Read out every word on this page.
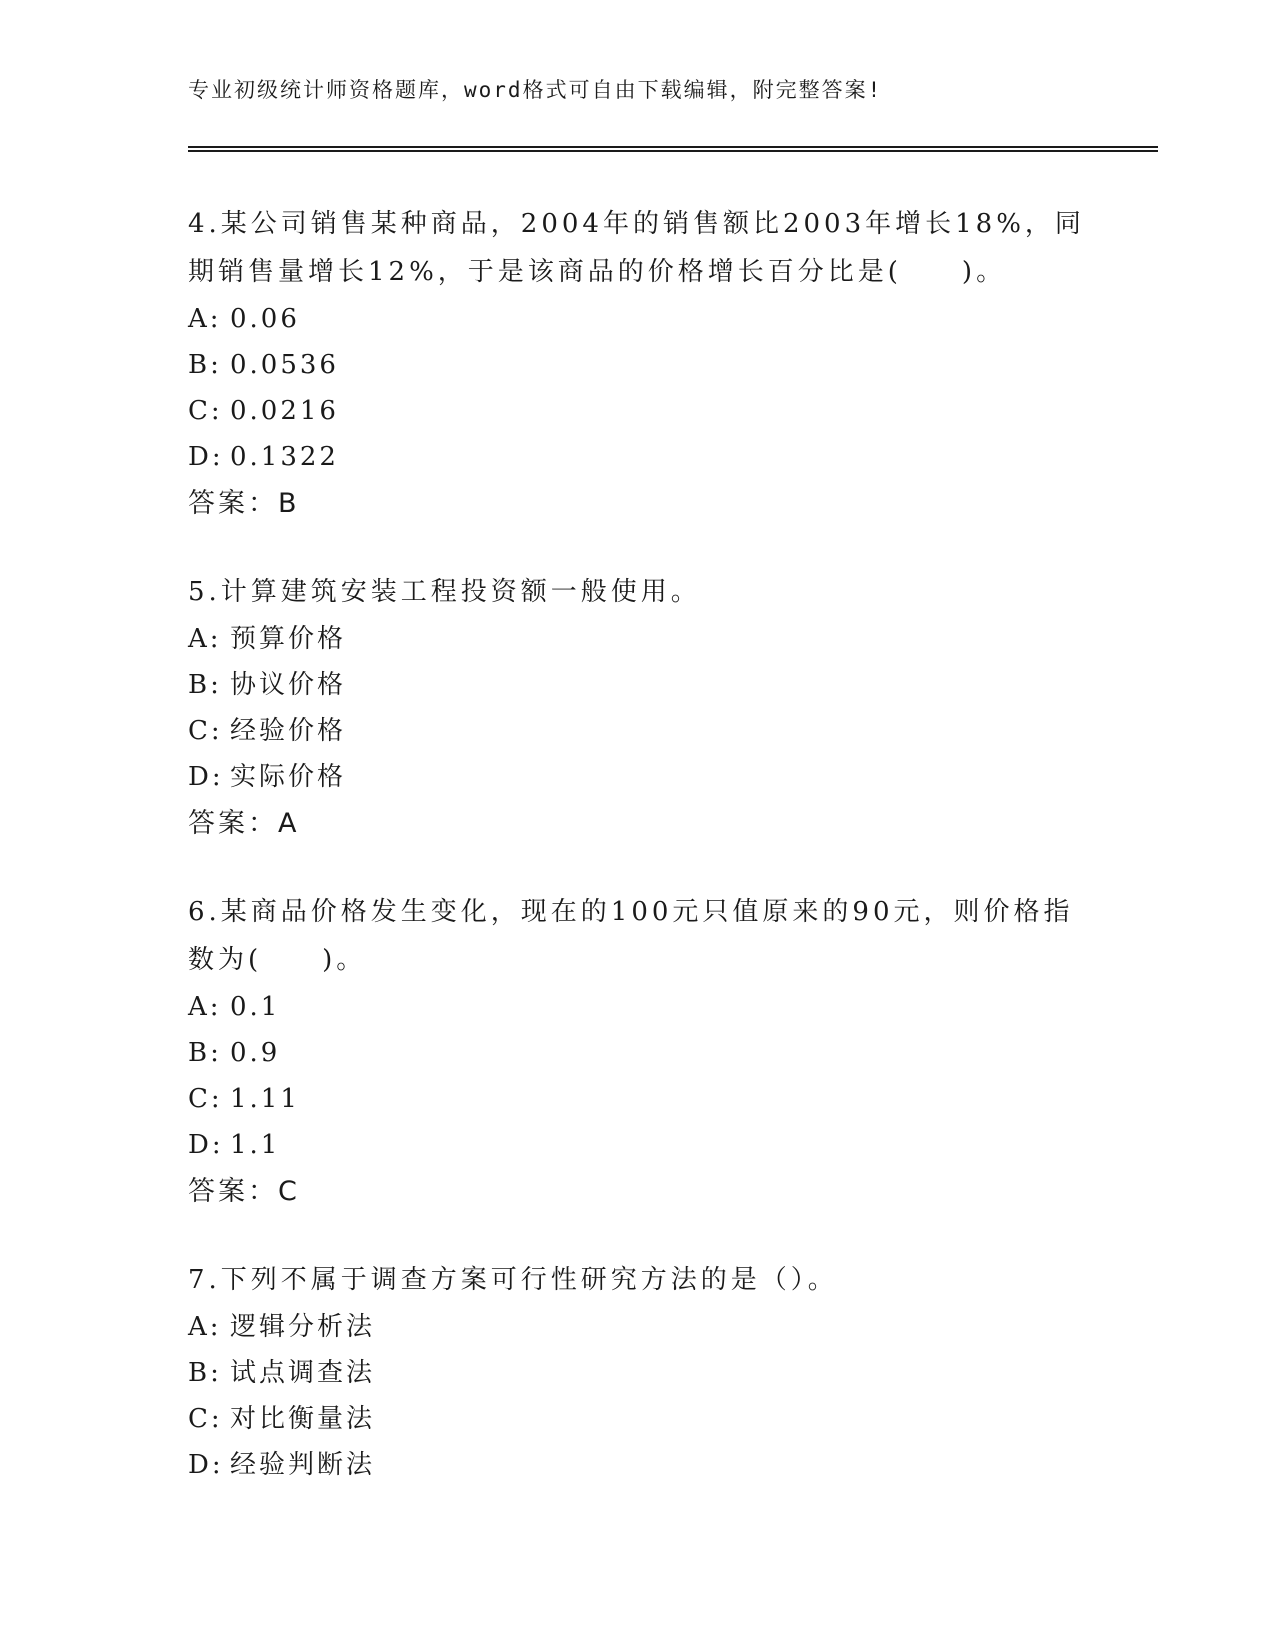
专业初级统计师资格题库，word格式可自由下载编辑，附完整答案!

4.某公司销售某种商品，2004年的销售额比2003年增长18%，同期销售量增长12%，于是该商品的价格增长百分比是(　　)。

A: 0.06

B: 0.0536

C: 0.0216

D: 0.1322

答案：B

5.计算建筑安装工程投资额一般使用。

A: 预算价格

B: 协议价格

C: 经验价格

D: 实际价格

答案：A

6.某商品价格发生变化，现在的100元只值原来的90元，则价格指数为(　　)。

A: 0.1

B: 0.9

C: 1.11

D: 1.1

答案：C

7.下列不属于调查方案可行性研究方法的是（）。

A: 逻辑分析法

B: 试点调查法

C: 对比衡量法

D: 经验判断法
